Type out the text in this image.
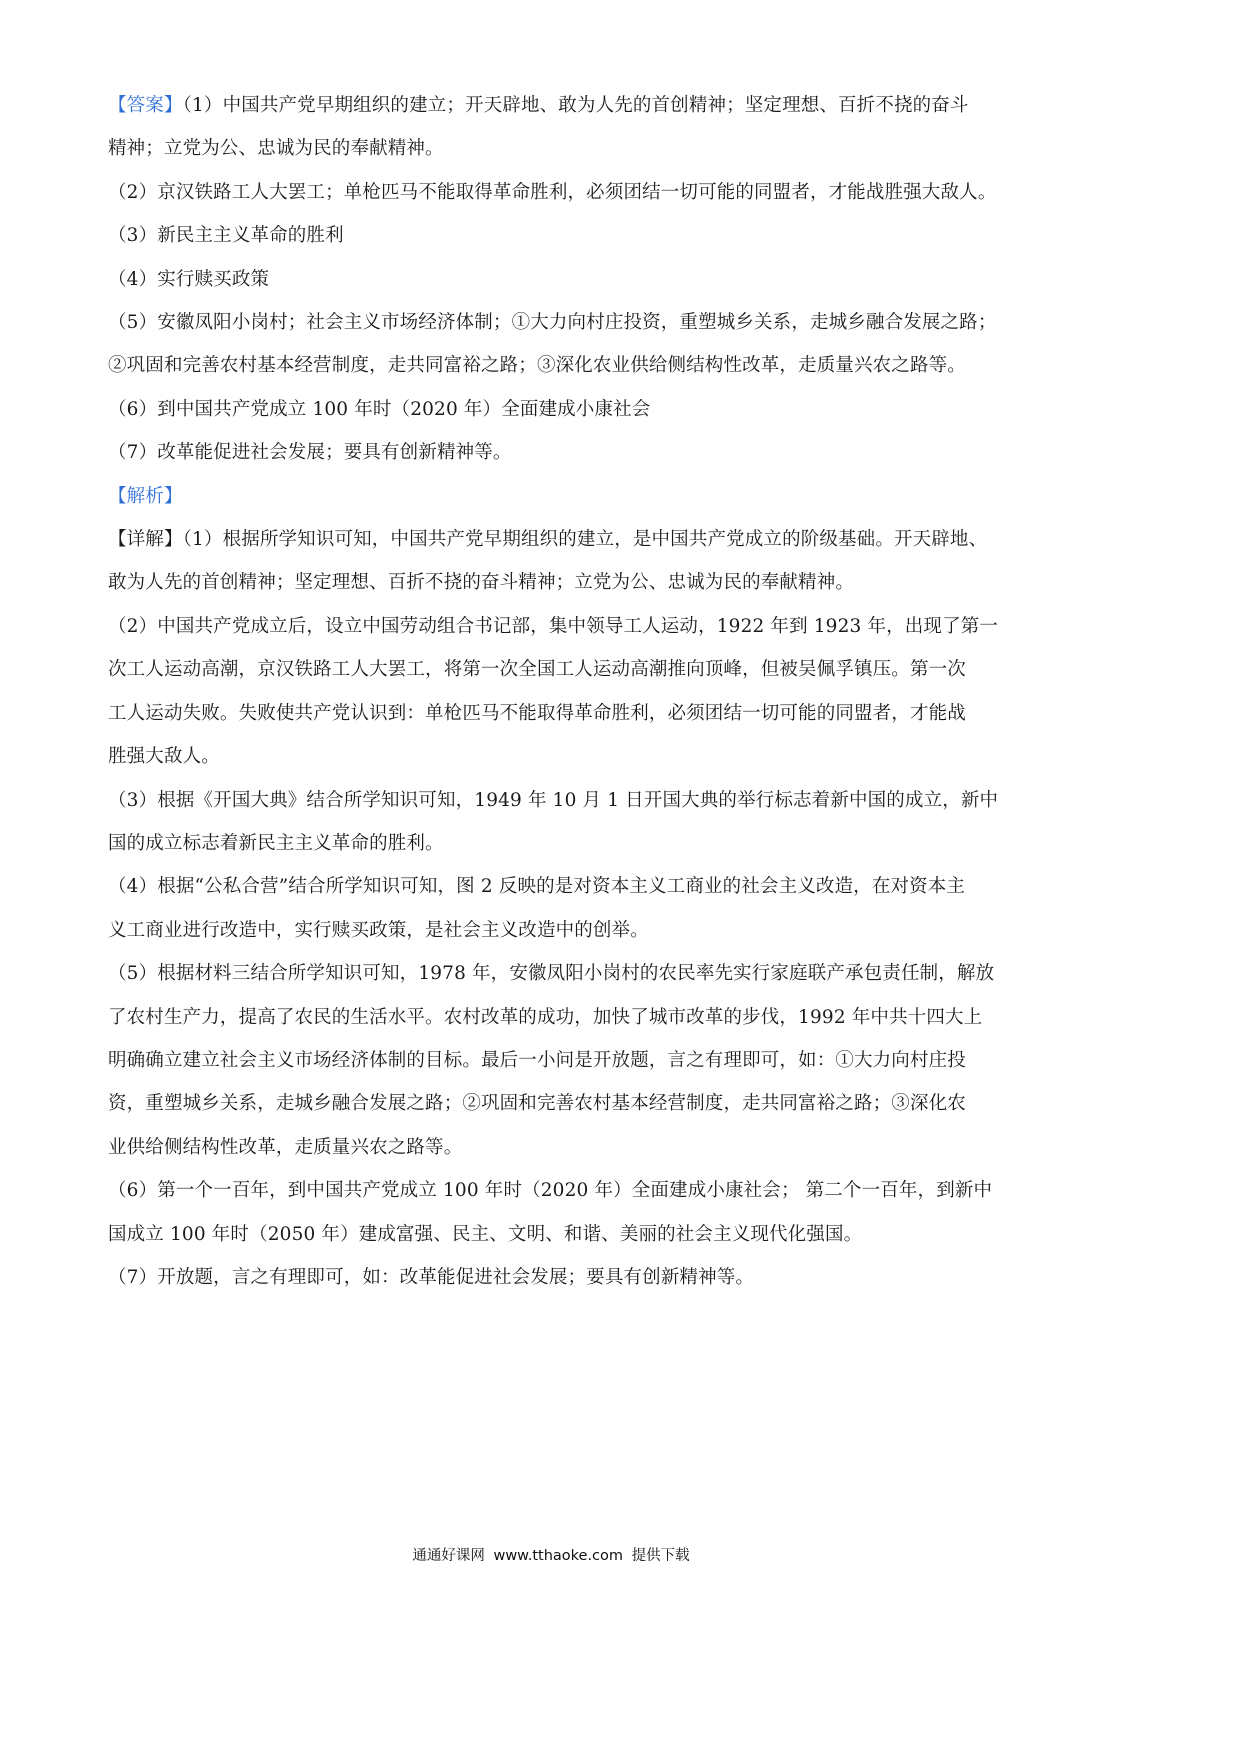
【答案】（1）中国共产党早期组织的建立；开天辟地、敢为人先的首创精神；坚定理想、百折不挠的奋斗

精神；立党为公、忠诚为民的奉献精神。

（2）京汉铁路工人大罢工；单枪匹马不能取得革命胜利，必须团结一切可能的同盟者，才能战胜强大敌人。

（3）新民主主义革命的胜利

（4）实行赎买政策

（5）安徽凤阳小岗村；社会主义市场经济体制；①大力向村庄投资，重塑城乡关系，走城乡融合发展之路；

②巩固和完善农村基本经营制度，走共同富裕之路；③深化农业供给侧结构性改革，走质量兴农之路等。

（6）到中国共产党成立 100 年时（2020 年）全面建成小康社会

（7）改革能促进社会发展；要具有创新精神等。

【解析】

【详解】（1）根据所学知识可知，中国共产党早期组织的建立，是中国共产党成立的阶级基础。开天辟地、

敢为人先的首创精神；坚定理想、百折不挠的奋斗精神；立党为公、忠诚为民的奉献精神。

（2）中国共产党成立后，设立中国劳动组合书记部，集中领导工人运动，1922 年到 1923 年，出现了第一

次工人运动高潮，京汉铁路工人大罢工，将第一次全国工人运动高潮推向顶峰，但被吴佩孚镇压。第一次

工人运动失败。失败使共产党认识到：单枪匹马不能取得革命胜利，必须团结一切可能的同盟者，才能战

胜强大敌人。

（3）根据《开国大典》结合所学知识可知，1949 年 10 月 1 日开国大典的举行标志着新中国的成立，新中

国的成立标志着新民主主义革命的胜利。

（4）根据“公私合营”结合所学知识可知，图 2 反映的是对资本主义工商业的社会主义改造，在对资本主

义工商业进行改造中，实行赎买政策，是社会主义改造中的创举。

（5）根据材料三结合所学知识可知，1978 年，安徽凤阳小岗村的农民率先实行家庭联产承包责任制，解放

了农村生产力，提高了农民的生活水平。农村改革的成功，加快了城市改革的步伐，1992 年中共十四大上

明确确立建立社会主义市场经济体制的目标。最后一小问是开放题，言之有理即可，如：①大力向村庄投

资，重塑城乡关系，走城乡融合发展之路；②巩固和完善农村基本经营制度，走共同富裕之路；③深化农

业供给侧结构性改革，走质量兴农之路等。

（6）第一个一百年，到中国共产党成立 100 年时（2020 年）全面建成小康社会； 第二个一百年，到新中

国成立 100 年时（2050 年）建成富强、民主、文明、和谐、美丽的社会主义现代化强国。

（7）开放题，言之有理即可，如：改革能促进社会发展；要具有创新精神等。

通通好课网 www.tthaoke.com 提供下载
